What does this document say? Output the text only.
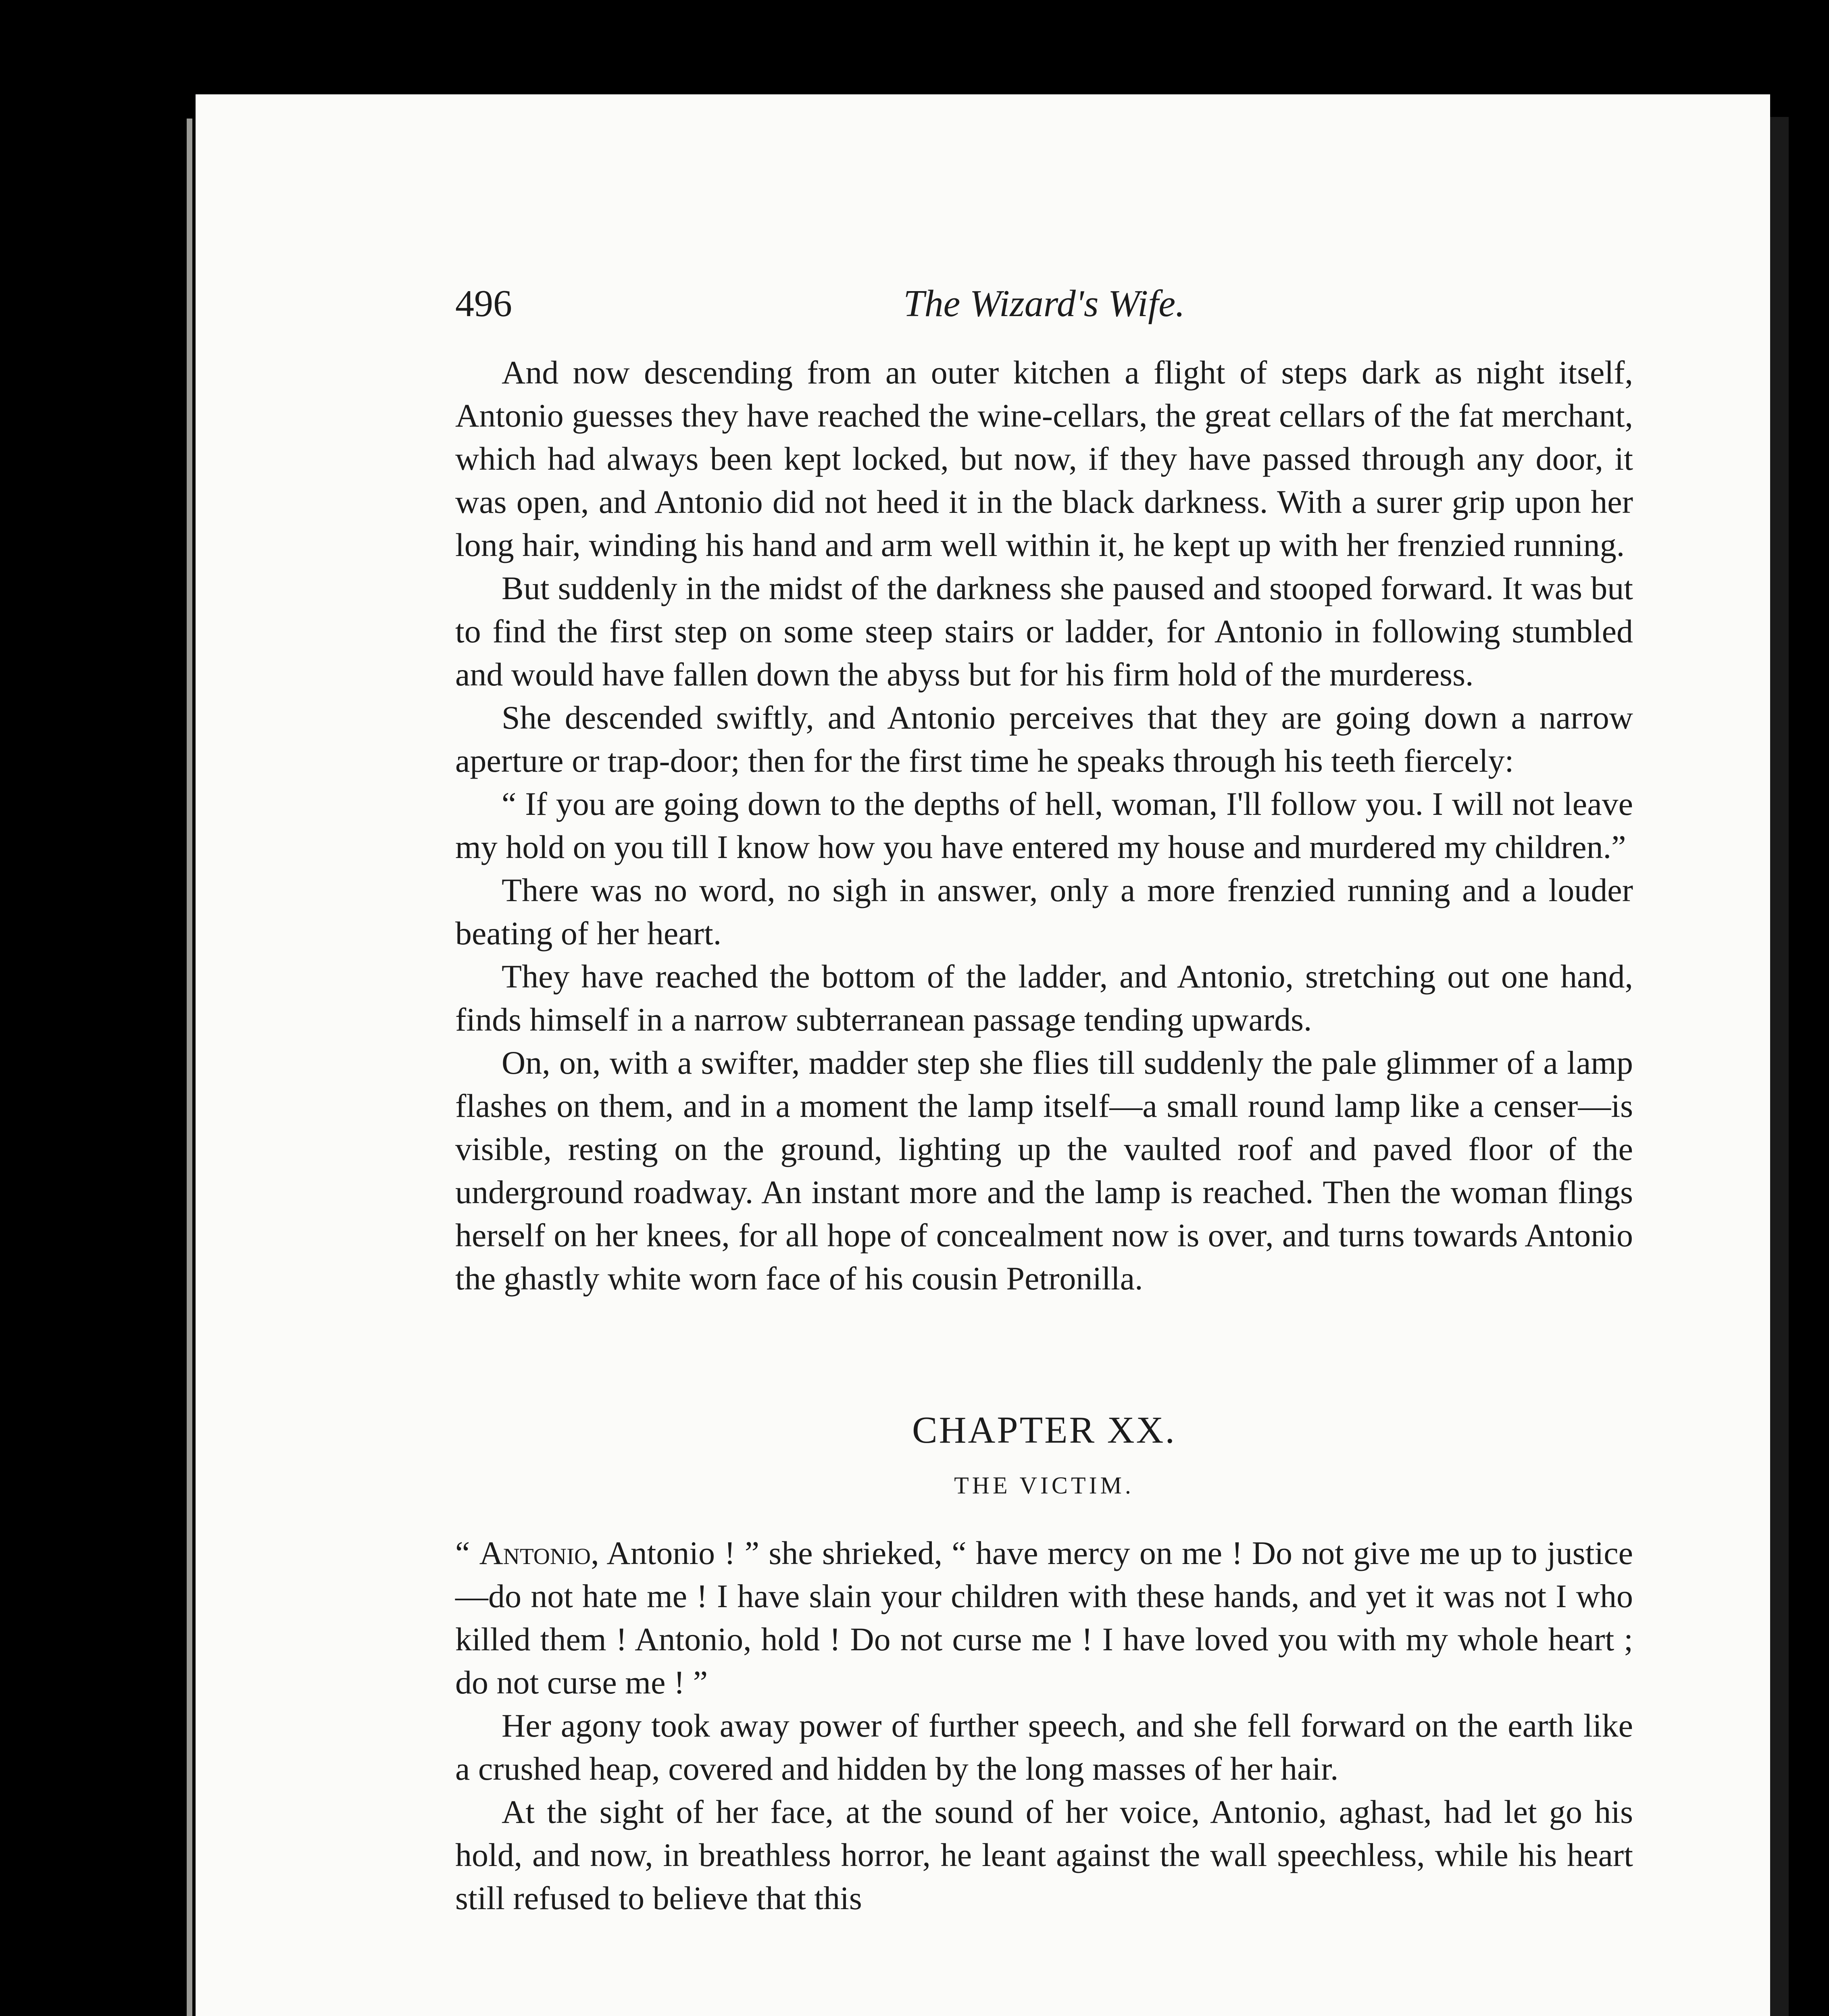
496	The Wizard's Wife.

And now descending from an outer kitchen a flight of steps dark as night itself, Antonio guesses they have reached the wine-cellars, the great cellars of the fat merchant, which had always been kept locked, but now, if they have passed through any door, it was open, and Antonio did not heed it in the black darkness. With a surer grip upon her long hair, winding his hand and arm well within it, he kept up with her frenzied running.

But suddenly in the midst of the darkness she paused and stooped forward. It was but to find the first step on some steep stairs or ladder, for Antonio in following stumbled and would have fallen down the abyss but for his firm hold of the murderess.

She descended swiftly, and Antonio perceives that they are going down a narrow aperture or trap-door; then for the first time he speaks through his teeth fiercely:

“ If you are going down to the depths of hell, woman, I'll follow you. I will not leave my hold on you till I know how you have entered my house and murdered my children.”

There was no word, no sigh in answer, only a more frenzied running and a louder beating of her heart.

They have reached the bottom of the ladder, and Antonio, stretching out one hand, finds himself in a narrow subterranean passage tending upwards.

On, on, with a swifter, madder step she flies till suddenly the pale glimmer of a lamp flashes on them, and in a moment the lamp itself—a small round lamp like a censer—is visible, resting on the ground, lighting up the vaulted roof and paved floor of the underground roadway. An instant more and the lamp is reached. Then the woman flings herself on her knees, for all hope of concealment now is over, and turns towards Antonio the ghastly white worn face of his cousin Petronilla.

CHAPTER XX.
THE VICTIM.

“ Antonio, Antonio ! ” she shrieked, “ have mercy on me ! Do not give me up to justice—do not hate me ! I have slain your children with these hands, and yet it was not I who killed them ! Antonio, hold ! Do not curse me ! I have loved you with my whole heart ; do not curse me ! ”

Her agony took away power of further speech, and she fell forward on the earth like a crushed heap, covered and hidden by the long masses of her hair.

At the sight of her face, at the sound of her voice, Antonio, aghast, had let go his hold, and now, in breathless horror, he leant against the wall speechless, while his heart still refused to believe that this
